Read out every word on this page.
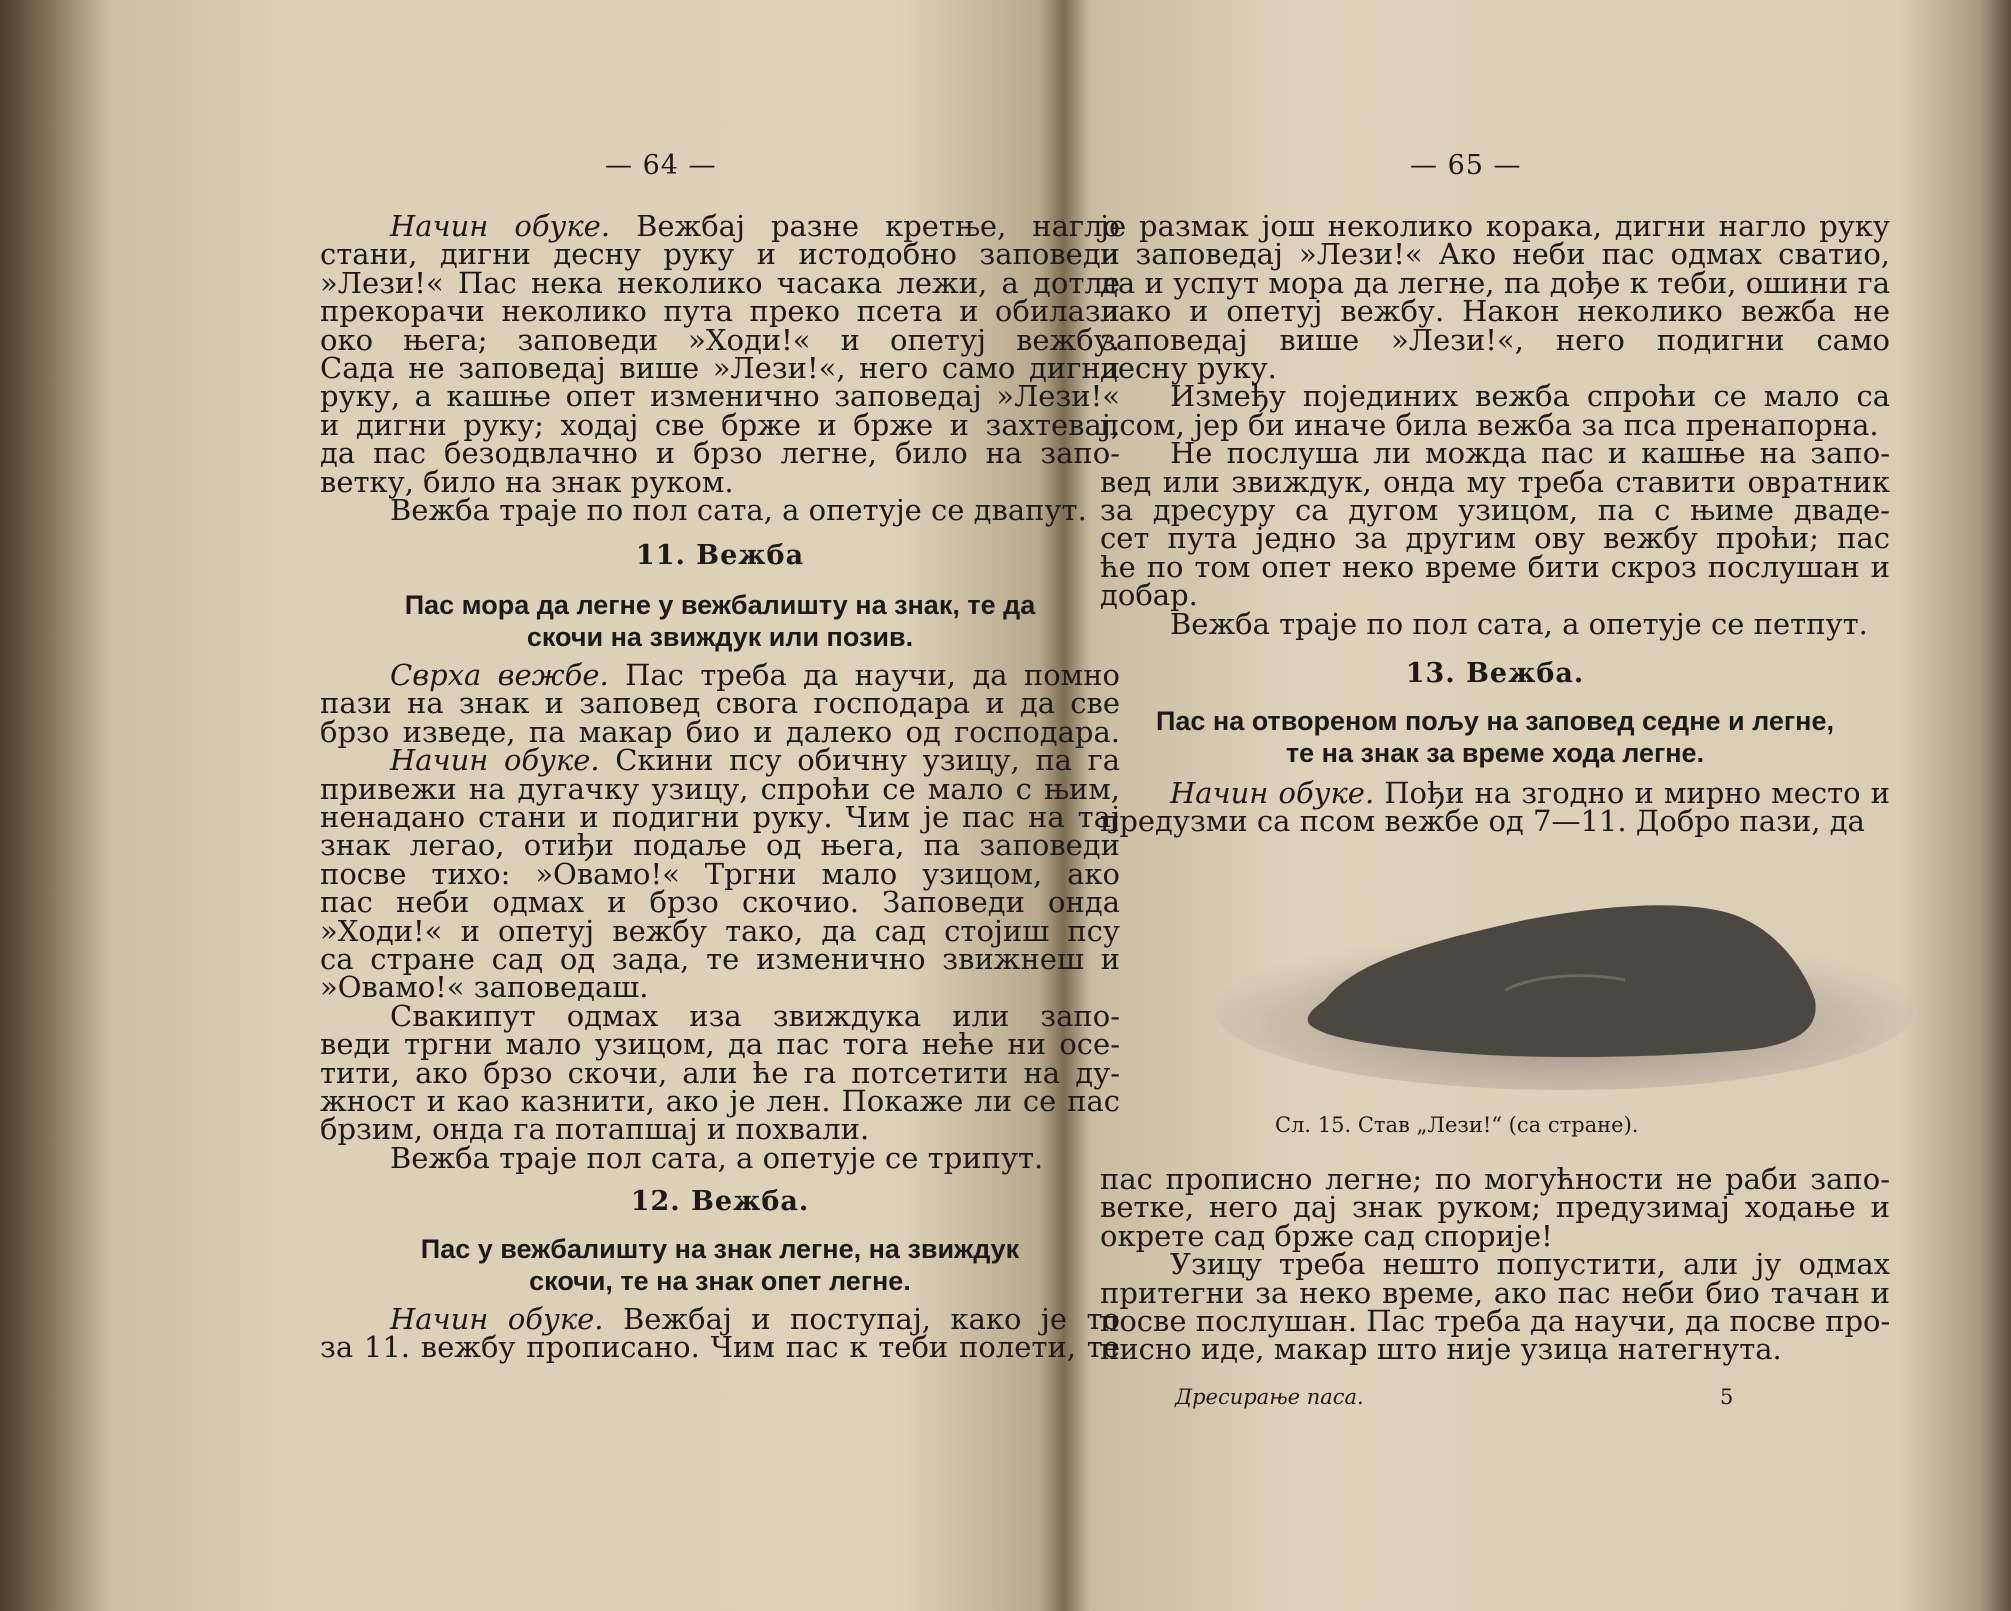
— 64 —
Начин обуке. Вежбај разне кретње, нагло
стани, дигни десну руку и истодобно заповеди
»Лези!« Пас нека неколико часака лежи, а дотле
прекорачи неколико пута преко псета и обилази
око њега; заповеди »Ходи!« и опетуј вежбу.
Сада не заповедај више »Лези!«, него само дигни
руку, а кашње опет изменично заповедај »Лези!«
и дигни руку; ходај све брже и брже и захтевај,
да пас безодвлачно и брзо легне, било на запо-
ветку, било на знак руком.
Вежба траје по пол сата, а опетује се двапут.
11. Вежба
Пас мора да легне у вежбалишту на знак, те да
скочи на звиждук или позив.
Сврха вежбе. Пас треба да научи, да помно
пази на знак и заповед свога господара и да све
брзо изведе, па макар био и далеко од господара.
Начин обуке. Скини псу обичну узицу, па га
привежи на дугачку узицу, спроћи се мало с њим,
ненадано стани и подигни руку. Чим је пас на тај
знак легао, отиђи подаље од њега, па заповеди
посве тихо: »Овамо!« Тргни мало узицом, ако
пас неби одмах и брзо скочио. Заповеди онда
»Ходи!« и опетуј вежбу тако, да сад стојиш псу
са стране сад од зада, те изменично звижнеш и
»Овамо!« заповедаш.
Свакипут одмах иза звиждука или запо-
веди тргни мало узицом, да пас тога неће ни осе-
тити, ако брзо скочи, али ће га потсетити на ду-
жност и као казнити, ако је лен. Покаже ли се пас
брзим, онда га потапшај и похвали.
Вежба траје пол сата, а опетује се трипут.
12. Вежба.
Пас у вежбалишту на знак легне, на звиждук
скочи, те на знак опет легне.
Начин обуке. Вежбај и поступај, како је то
за 11. вежбу прописано. Чим пас к теби полети, те
— 65 —
је размак још неколико корака, дигни нагло руку
и заповедај »Лези!« Ако неби пас одмах сватио,
да и успут мора да легне, па дође к теби, ошини га
лако и опетуј вежбу. Након неколико вежба не
заповедај више »Лези!«, него подигни само
десну руку.
Између појединих вежба спроћи се мало са
псом, јер би иначе била вежба за пса пренапорна.
Не послуша ли можда пас и кашње на запо-
вед или звиждук, онда му треба ставити овратник
за дресуру са дугом узицом, па с њиме дваде-
сет пута једно за другим ову вежбу проћи; пас
ће по том опет неко време бити скроз послушан и
добар.
Вежба траје по пол сата, а опетује се петпут.
13. Вежба.
Пас на отвореном пољу на заповед седне и легне,
те на знак за време хода легне.
Начин обуке. Пођи на згодно и мирно место и
предузми са псом вежбе од 7—11. Добро пази, да
Сл. 15. Став „Лези!“ (са стране).
пас прописно легне; по могућности не раби запо-
ветке, него дај знак руком; предузимај ходање и
окрете сад брже сад спорије!
Узицу треба нешто попустити, али ју одмах
притегни за неко време, ако пас неби био тачан и
посве послушан. Пас треба да научи, да посве про-
писно иде, макар што није узица натегнута.
Дресирање паса.	5
